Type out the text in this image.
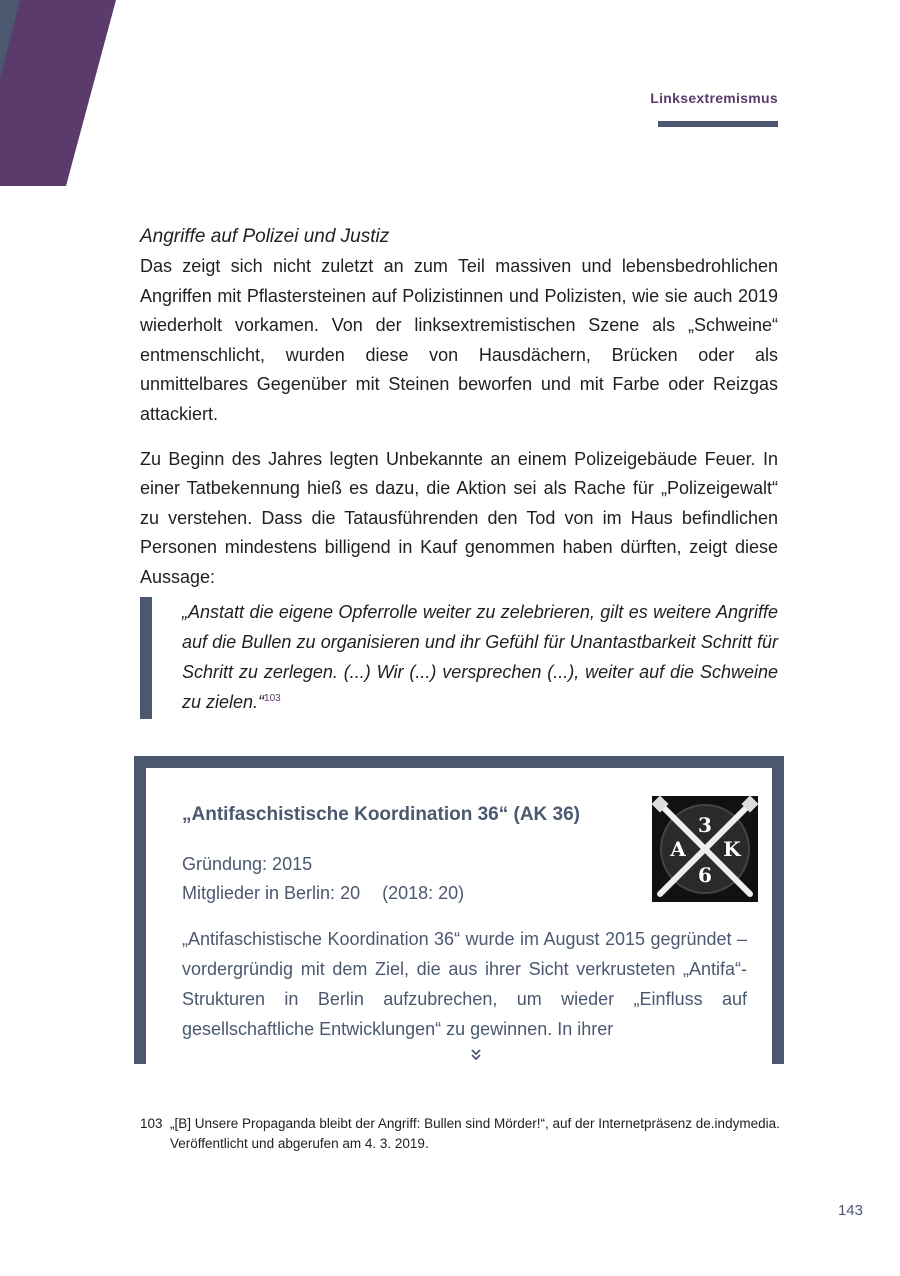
Linksextremismus

Angriffe auf Polizei und Justiz

Das zeigt sich nicht zuletzt an zum Teil massiven und lebensbedrohlichen Angriffen mit Pflastersteinen auf Polizistinnen und Polizisten, wie sie auch 2019 wiederholt vorkamen. Von der linksextremistischen Szene als „Schweine“ entmenschlicht, wurden diese von Hausdächern, Brücken oder als unmittelbares Gegenüber mit Steinen beworfen und mit Farbe oder Reizgas attackiert.

Zu Beginn des Jahres legten Unbekannte an einem Polizeigebäude Feuer. In einer Tatbekennung hieß es dazu, die Aktion sei als Rache für „Polizeigewalt“ zu verstehen. Dass die Tatausführenden den Tod von im Haus befindlichen Personen mindestens billigend in Kauf genommen haben dürften, zeigt diese Aussage:

„Anstatt die eigene Opferrolle weiter zu zelebrieren, gilt es weitere Angriffe auf die Bullen zu organisieren und ihr Gefühl für Unantastbarkeit Schritt für Schritt zu zerlegen. (...) Wir (...) versprechen (...), weiter auf die Schweine zu zielen.“$^{103}$

„Antifaschistische Koordination 36“ (AK 36)

Gründung: 2015
Mitglieder in Berlin: 20 (2018: 20)
3
A K
6

„Antifaschistische Koordination 36“ wurde im August 2015 gegründet – vordergründig mit dem Ziel, die aus ihrer Sicht verkrusteten „Antifa“-Strukturen in Berlin aufzubrechen, um wieder „Einfluss auf gesellschaftliche Entwicklungen“ zu gewinnen. In ihrer

103 „[B] Unsere Propaganda bleibt der Angriff: Bullen sind Mörder!“, auf der Internetpräsenz de.indymedia. Veröffentlicht und abgerufen am 4. 3. 2019.
143
